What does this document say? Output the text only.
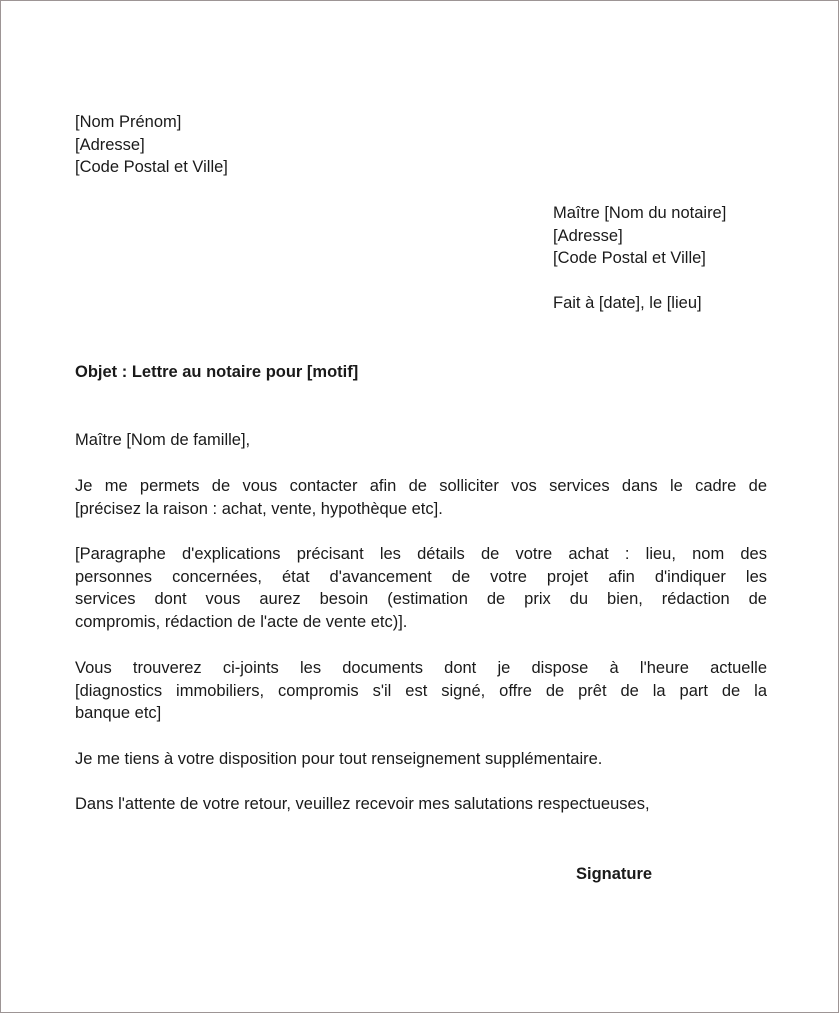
[Nom Prénom]
[Adresse]
[Code Postal et Ville]
Maître [Nom du notaire]
[Adresse]
[Code Postal et Ville]
Fait à [date], le [lieu]
Objet : Lettre au notaire pour [motif]
Maître [Nom de famille],
Je me permets de vous contacter afin de solliciter vos services dans le cadre de
[précisez la raison : achat, vente, hypothèque etc].
[Paragraphe d'explications précisant les détails de votre achat : lieu, nom des
personnes concernées, état d'avancement de votre projet afin d'indiquer les
services dont vous aurez besoin (estimation de prix du bien, rédaction de
compromis, rédaction de l'acte de vente etc)].
Vous trouverez ci-joints les documents dont je dispose à l'heure actuelle
[diagnostics immobiliers, compromis s'il est signé, offre de prêt de la part de la
banque etc]
Je me tiens à votre disposition pour tout renseignement supplémentaire.
Dans l'attente de votre retour, veuillez recevoir mes salutations respectueuses,
Signature
